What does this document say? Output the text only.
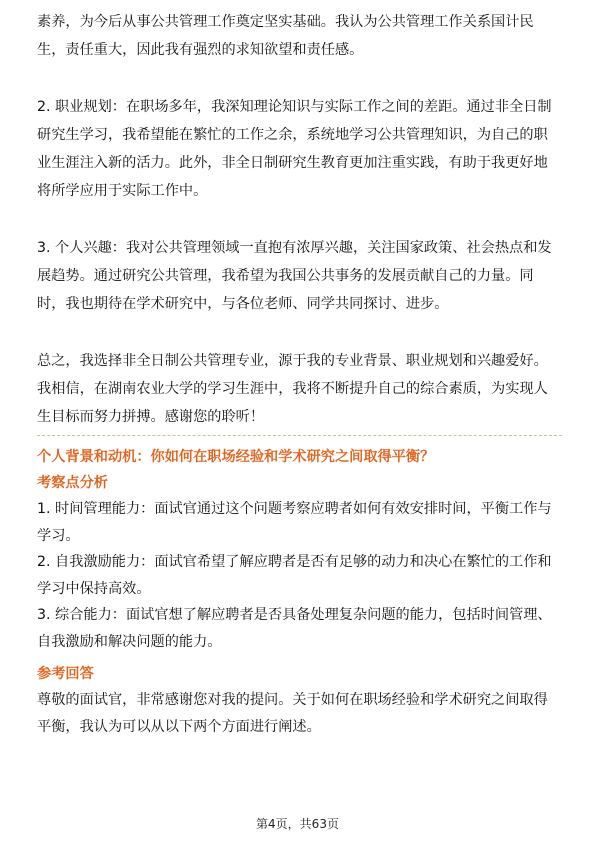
素养，为今后从事公共管理工作奠定坚实基础。我认为公共管理工作关系国计民
生，责任重大，因此我有强烈的求知欲望和责任感。
2. 职业规划：在职场多年，我深知理论知识与实际工作之间的差距。通过非全日制
研究生学习，我希望能在繁忙的工作之余，系统地学习公共管理知识，为自己的职
业生涯注入新的活力。此外，非全日制研究生教育更加注重实践，有助于我更好地
将所学应用于实际工作中。
3. 个人兴趣：我对公共管理领域一直抱有浓厚兴趣，关注国家政策、社会热点和发
展趋势。通过研究公共管理，我希望为我国公共事务的发展贡献自己的力量。同
时，我也期待在学术研究中，与各位老师、同学共同探讨、进步。
总之，我选择非全日制公共管理专业，源于我的专业背景、职业规划和兴趣爱好。
我相信，在湖南农业大学的学习生涯中，我将不断提升自己的综合素质，为实现人
生目标而努力拼搏。感谢您的聆听！

个人背景和动机：你如何在职场经验和学术研究之间取得平衡？

考察点分析

1. 时间管理能力：面试官通过这个问题考察应聘者如何有效安排时间，平衡工作与
学习。
2. 自我激励能力：面试官希望了解应聘者是否有足够的动力和决心在繁忙的工作和
学习中保持高效。
3. 综合能力：面试官想了解应聘者是否具备处理复杂问题的能力，包括时间管理、
自我激励和解决问题的能力。

参考回答

尊敬的面试官，非常感谢您对我的提问。关于如何在职场经验和学术研究之间取得
平衡，我认为可以从以下两个方面进行阐述。
第4页，共63页
